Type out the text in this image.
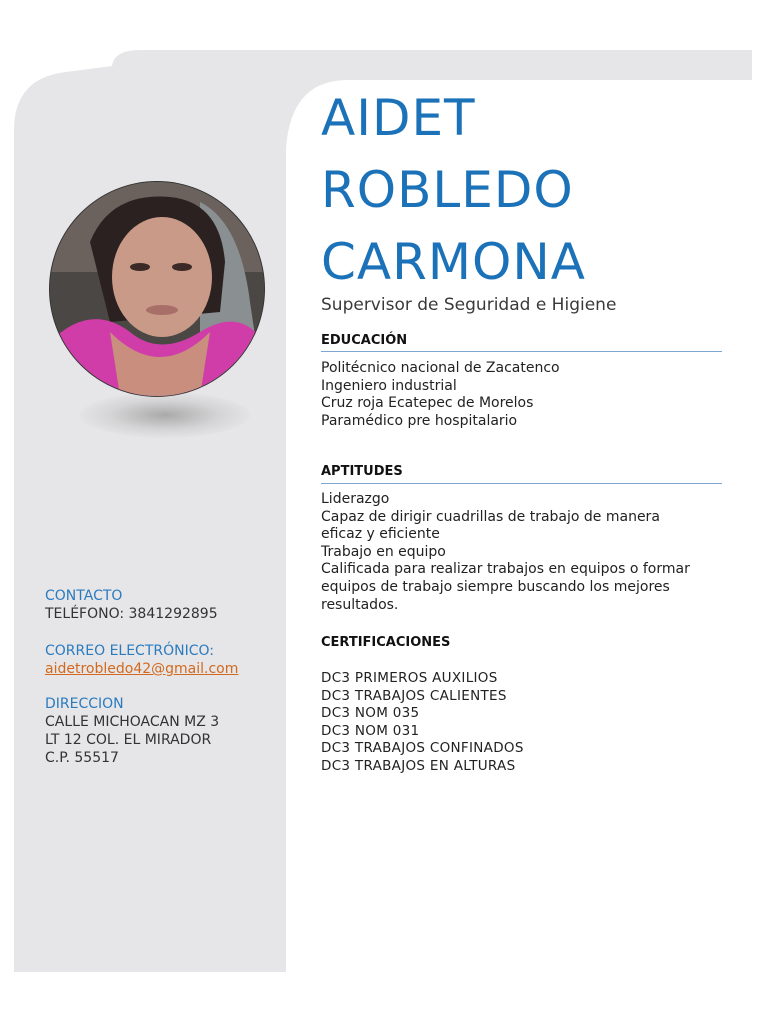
AIDET
ROBLEDO
CARMONA
Supervisor de Seguridad e Higiene
EDUCACIÓN
Politécnico nacional de Zacatenco
Ingeniero industrial
Cruz roja Ecatepec de Morelos
Paramédico pre hospitalario
APTITUDES
Liderazgo
Capaz de dirigir cuadrillas de trabajo de manera
eficaz y eficiente
Trabajo en equipo
Calificada para realizar trabajos en equipos o formar
equipos de trabajo siempre buscando los mejores
resultados.
CERTIFICACIONES
DC3 PRIMEROS AUXILIOS
DC3 TRABAJOS CALIENTES
DC3 NOM 035
DC3 NOM 031
DC3 TRABAJOS CONFINADOS
DC3 TRABAJOS EN ALTURAS
CONTACTO
TELÉFONO: 3841292895
CORREO ELECTRÓNICO:
aidetrobledo42@gmail.com
DIRECCION
CALLE MICHOACAN MZ 3
LT 12 COL. EL MIRADOR
C.P. 55517
